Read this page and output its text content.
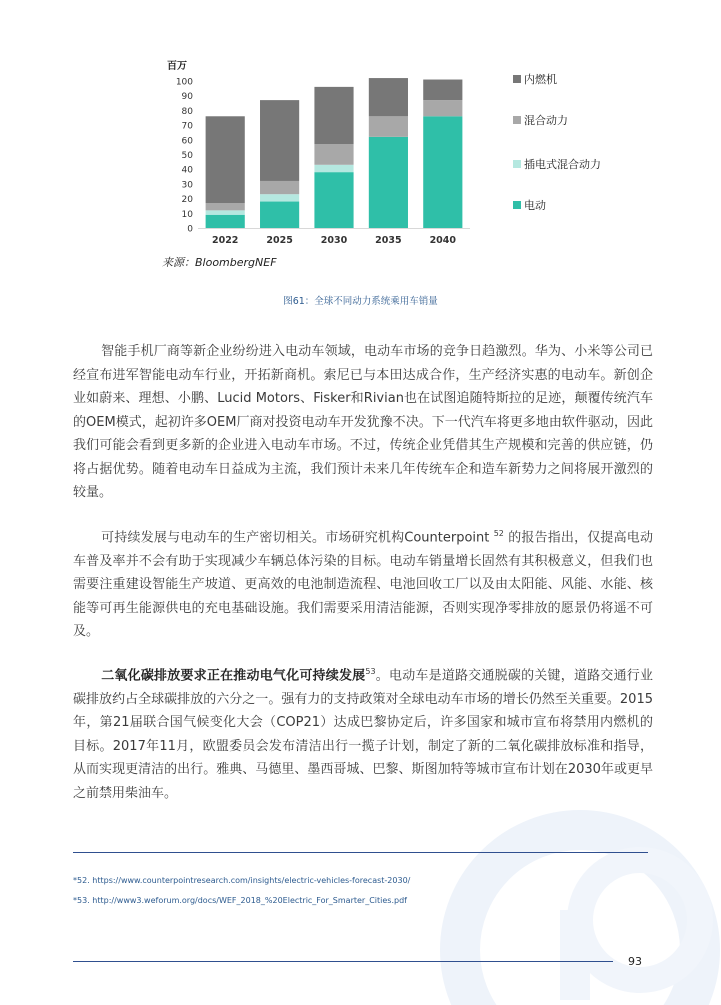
百万
0
10
20
30
40
50
60
70
80
90
100
2022	2025	2030	2035	2040
内燃机
混合动力
插电式混合动力
电动
来源：BloombergNEF
图61：全球不同动力系统乘用车销量

智能手机厂商等新企业纷纷进入电动车领域，电动车市场的竞争日趋激烈。华为、小米等公司已经宣布进军智能电动车行业，开拓新商机。索尼已与本田达成合作，生产经济实惠的电动车。新创企业如蔚来、理想、小鹏、Lucid Motors、Fisker和Rivian也在试图追随特斯拉的足迹，颠覆传统汽车的OEM模式，起初许多OEM厂商对投资电动车开发犹豫不决。下一代汽车将更多地由软件驱动，因此我们可能会看到更多新的企业进入电动车市场。不过，传统企业凭借其生产规模和完善的供应链，仍将占据优势。随着电动车日益成为主流，我们预计未来几年传统车企和造车新势力之间将展开激烈的较量。

可持续发展与电动车的生产密切相关。市场研究机构Counterpoint $^{52}$ 的报告指出，仅提高电动车普及率并不会有助于实现减少车辆总体污染的目标。电动车销量增长固然有其积极意义，但我们也需要注重建设智能生产坡道、更高效的电池制造流程、电池回收工厂以及由太阳能、风能、水能、核能等可再生能源供电的充电基础设施。我们需要采用清洁能源，否则实现净零排放的愿景仍将遥不可及。

二氧化碳排放要求正在推动电气化可持续发展$^{53}$。电动车是道路交通脱碳的关键，道路交通行业碳排放约占全球碳排放的六分之一。强有力的支持政策对全球电动车市场的增长仍然至关重要。2015年，第21届联合国气候变化大会（COP21）达成巴黎协定后，许多国家和城市宣布将禁用内燃机的目标。2017年11月，欧盟委员会发布清洁出行一揽子计划，制定了新的二氧化碳排放标准和指导，从而实现更清洁的出行。雅典、马德里、墨西哥城、巴黎、斯图加特等城市宣布计划在2030年或更早之前禁用柴油车。

*52. https://www.counterpointresearch.com/insights/electric-vehicles-forecast-2030/
*53. http://www3.weforum.org/docs/WEF_2018_%20Electric_For_Smarter_Cities.pdf
93
